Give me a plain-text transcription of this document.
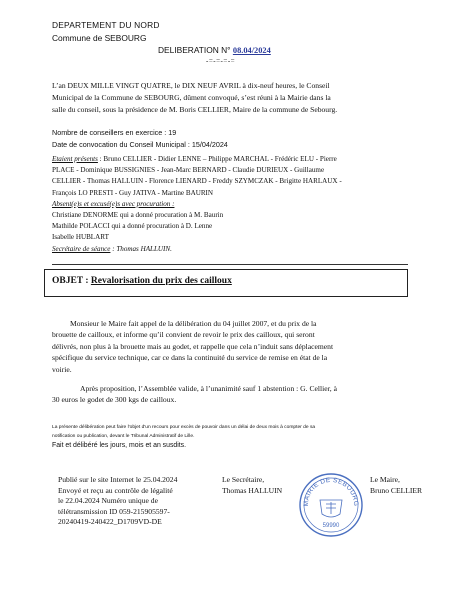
DEPARTEMENT DU NORD
Commune de SEBOURG
DELIBERATION N° 08.04/2024
-=-=-=-=
L’an DEUX MILLE VINGT QUATRE, le DIX NEUF AVRIL à dix-neuf heures, le Conseil
Municipal de la Commune de SEBOURG, dûment convoqué, s’est réuni à la Mairie dans la
salle du conseil, sous la présidence de M. Boris CELLIER, Maire de la commune de Sebourg.
Nombre de conseillers en exercice : 19
Date de convocation du Conseil Municipal : 15/04/2024
Etaient présents : Bruno CELLIER - Didier LENNE – Philippe MARCHAL - Frédéric ELU - Pierre
PLACE - Dominique BUSSIGNIES - Jean-Marc BERNARD - Claudie DURIEUX - Guillaume
CELLIER - Thomas HALLUIN - Florence LIENARD - Freddy SZYMCZAK - Brigitte HARLAUX -
François LO PRESTI - Guy JATIVA - Martine BAURIN
Absent(e)s et excusé(e)s avec procuration :
Christiane DENORME qui a donné procuration à M. Baurin
Mathilde POLACCI qui a donné procuration à D. Lenne
Isabelle HUBLART
Secrétaire de séance : Thomas HALLUIN.
OBJET : Revalorisation du prix des cailloux
Monsieur le Maire fait appel de la délibération du 04 juillet 2007, et du prix de la
brouette de cailloux, et informe qu’il convient de revoir le prix des cailloux, qui seront
délivrés, non plus à la brouette mais au godet, et rappelle que cela n’induit sans déplacement
spécifique du service technique, car ce dans la continuité du service de remise en état de la
voirie.
Après proposition, l’Assemblée valide, à l’unanimité sauf 1 abstention : G. Cellier, à
30 euros le godet de 300 kgs de cailloux.
La présente délibération peut faire l'objet d'un recours pour excès de pouvoir dans un délai de deux mois à compter de sa
notification ou publication, devant le Tribunal Administratif de Lille.
Fait et délibéré les jours, mois et an susdits.
Publié sur le site Internet le 25.04.2024
Envoyé et reçu au contrôle de légalité
le 22.04.2024 Numéro unique de
télétransmission ID 059-215905597-
20240419-240422_D1709VD-DE
Le Secrétaire,
Thomas HALLUIN
MAIRIE DE SEBOURG
59990
Le Maire,
Bruno CELLIER
